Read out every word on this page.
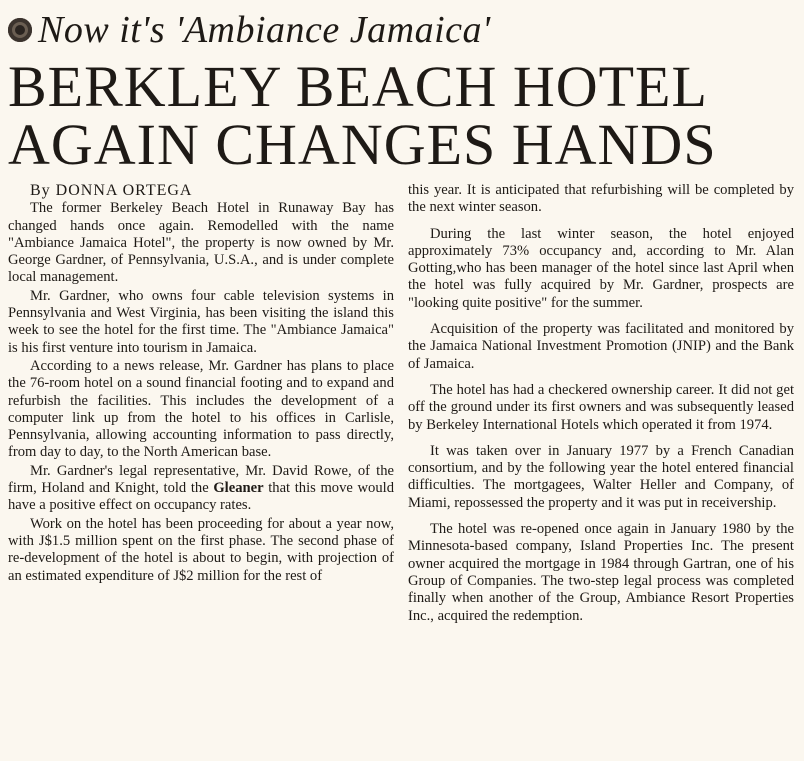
Now it's 'Ambiance Jamaica'
BERKLEY BEACH HOTEL
AGAIN CHANGES HANDS

By DONNA ORTEGA

The former Berkeley Beach Hotel in Runaway Bay has changed hands once again. Remodelled with the name "Ambiance Jamaica Hotel", the property is now owned by Mr. George Gardner, of Pennsylvania, U.S.A., and is under complete local management.

Mr. Gardner, who owns four cable television systems in Pennsylvania and West Virginia, has been visiting the island this week to see the hotel for the first time. The "Ambiance Jamaica" is his first venture into tourism in Jamaica.

According to a news release, Mr. Gardner has plans to place the 76-room hotel on a sound financial footing and to expand and refurbish the facilities. This includes the development of a computer link up from the hotel to his offices in Carlisle, Pennsylvania, allowing accounting information to pass directly, from day to day, to the North American base.

Mr. Gardner's legal representative, Mr. David Rowe, of the firm, Holand and Knight, told the Gleaner that this move would have a positive effect on occupancy rates.

Work on the hotel has been proceeding for about a year now, with J$1.5 million spent on the first phase. The second phase of re-development of the hotel is about to begin, with projection of an estimated expenditure of J$2 million for the rest of

this year. It is anticipated that refurbishing will be completed by the next winter season.

During the last winter season, the hotel enjoyed approximately 73% occupancy and, according to Mr. Alan Gotting,who has been manager of the hotel since last April when the hotel was fully acquired by Mr. Gardner, prospects are "looking quite positive" for the summer.

Acquisition of the property was facilitated and monitored by the Jamaica National Investment Promotion (JNIP) and the Bank of Jamaica.

The hotel has had a checkered ownership career. It did not get off the ground under its first owners and was subsequently leased by Berkeley International Hotels which operated it from 1974.

It was taken over in January 1977 by a French Canadian consortium, and by the following year the hotel entered financial difficulties. The mortgagees, Walter Heller and Company, of Miami, repossessed the property and it was put in receivership.

The hotel was re-opened once again in January 1980 by the Minnesota-based company, Island Properties Inc. The present owner acquired the mortgage in 1984 through Gartran, one of his Group of Companies. The two-step legal process was completed finally when another of the Group, Ambiance Resort Properties Inc., acquired the redemption.
